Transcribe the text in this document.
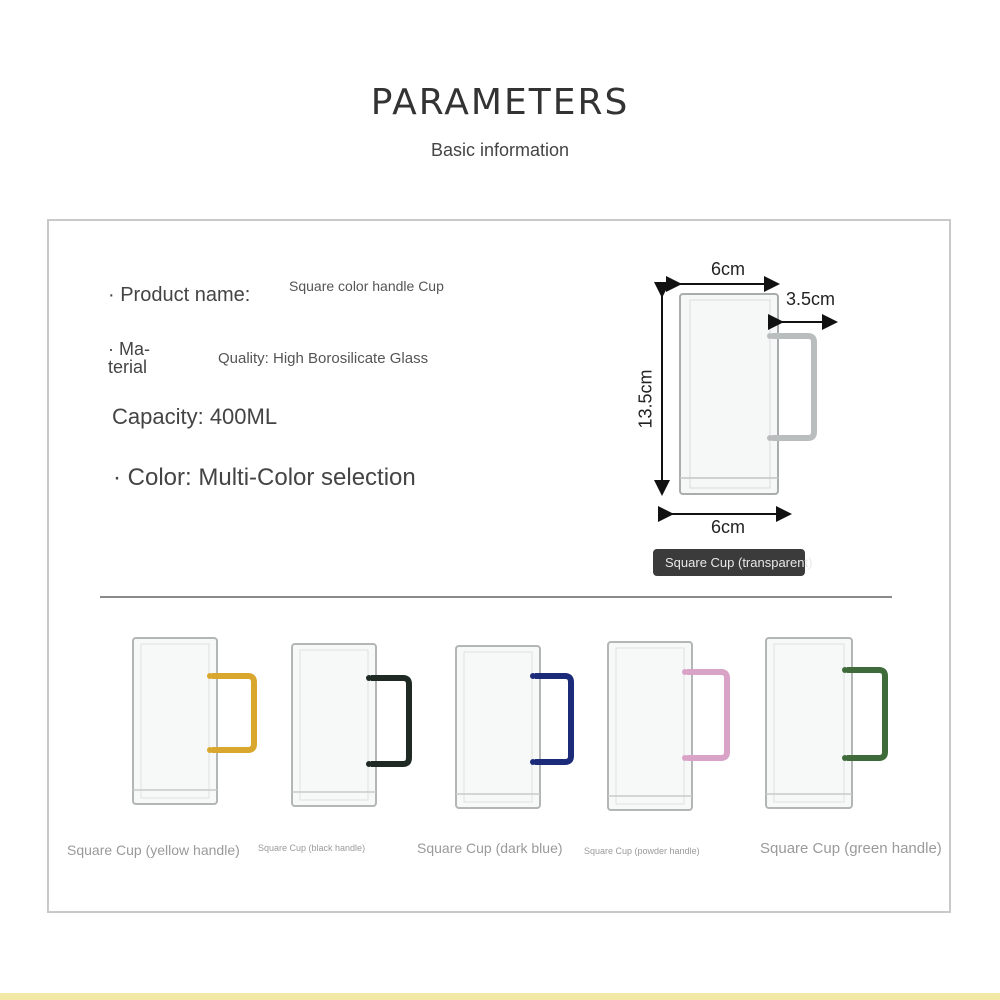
PARAMETERS
Basic information
· Product name:	Square color handle Cup
· Ma- terial	Quality: High Borosilicate Glass
Capacity: 400ML
· Color: Multi-Color selection
6cm
3.5cm
13.5cm
6cm
Square Cup (transparent)
Square Cup (yellow handle) Square Cup (black handle)	Square Cup (dark blue) Square Cup (powder handle)	Square Cup (green handle)
